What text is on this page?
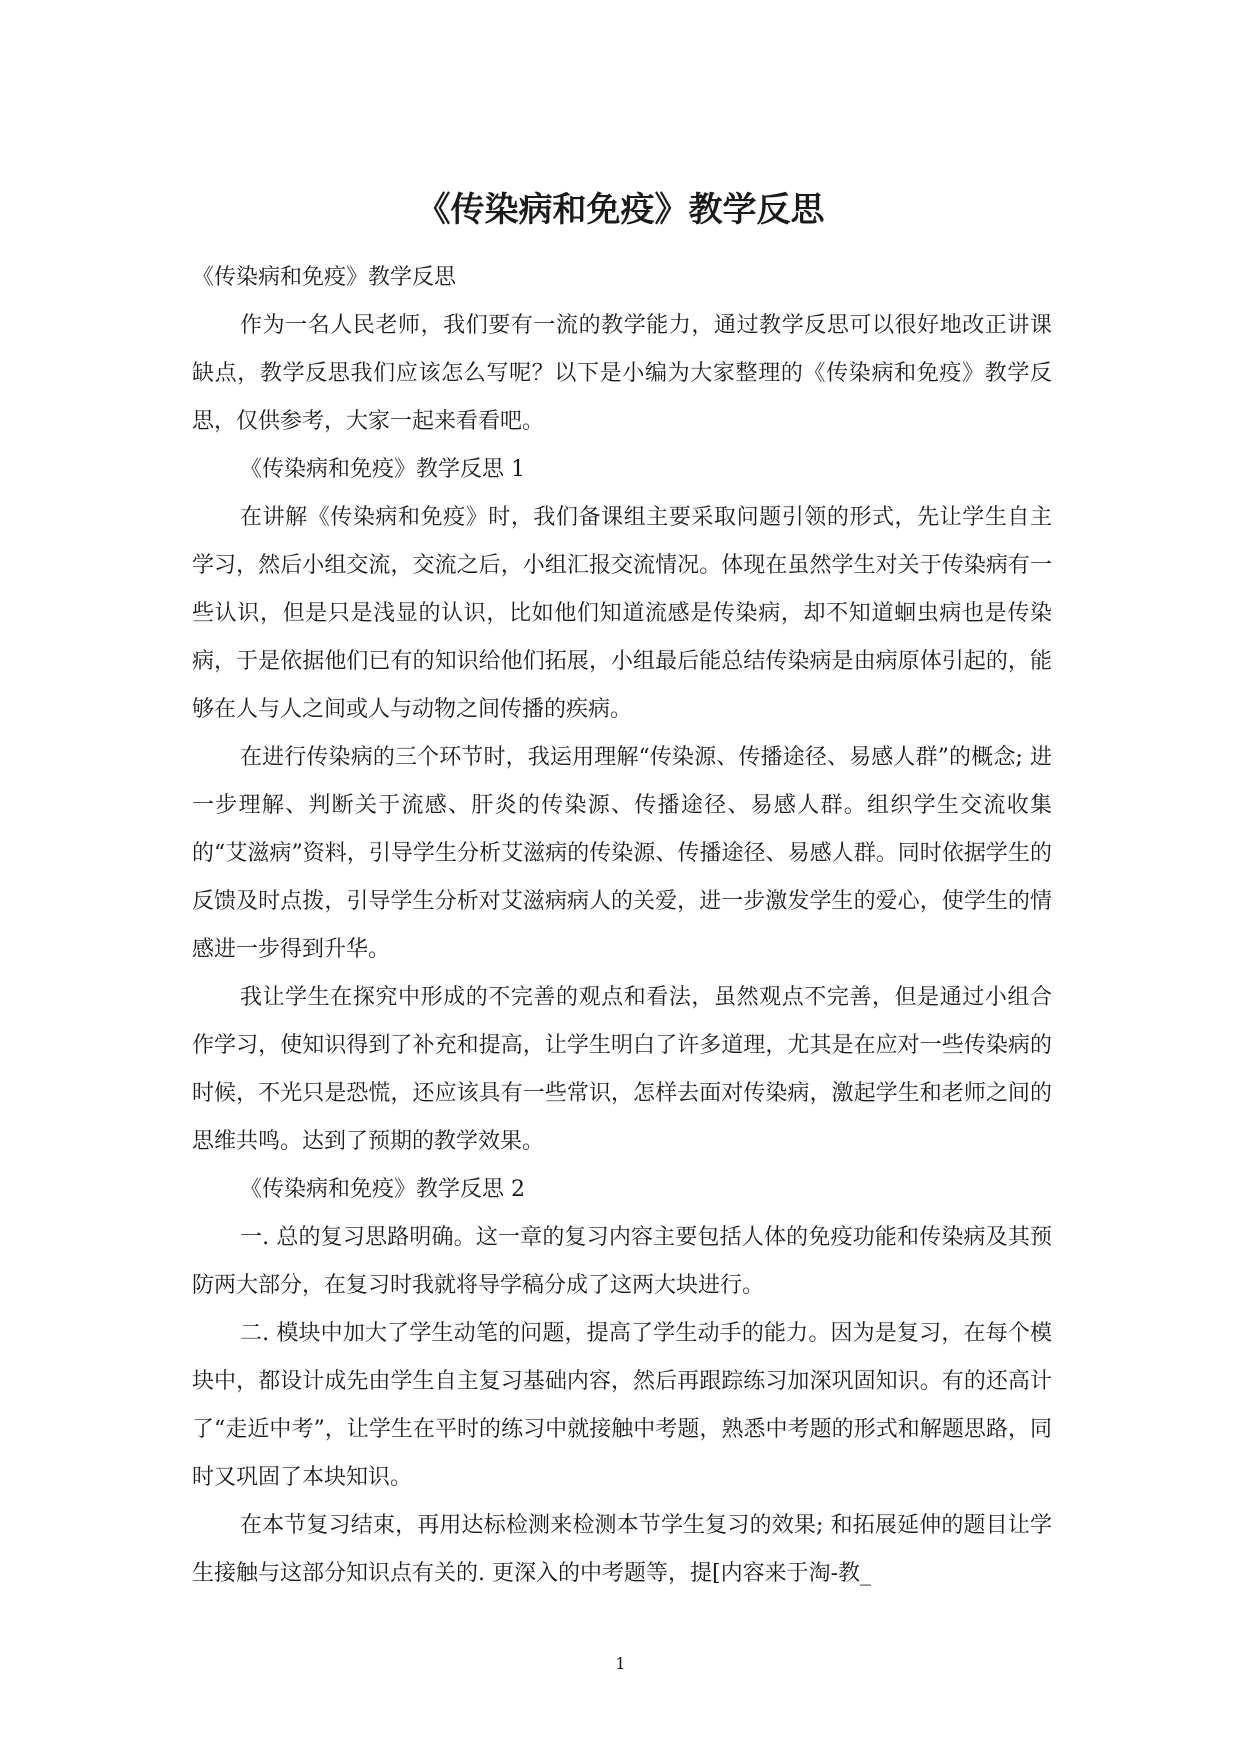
《传染病和免疫》教学反思

《传染病和免疫》教学反思

作为一名人民老师，我们要有一流的教学能力，通过教学反思可以很好地改正讲课缺点，教学反思我们应该怎么写呢？以下是小编为大家整理的《传染病和免疫》教学反思，仅供参考，大家一起来看看吧。

《传染病和免疫》教学反思 1

在讲解《传染病和免疫》时，我们备课组主要采取问题引领的形式，先让学生自主学习，然后小组交流，交流之后，小组汇报交流情况。体现在虽然学生对关于传染病有一些认识，但是只是浅显的认识，比如他们知道流感是传染病，却不知道蛔虫病也是传染病，于是依据他们已有的知识给他们拓展，小组最后能总结传染病是由病原体引起的，能够在人与人之间或人与动物之间传播的疾病。

在进行传染病的三个环节时，我运用理解“传染源、传播途径、易感人群”的概念; 进一步理解、判断关于流感、肝炎的传染源、传播途径、易感人群。组织学生交流收集的“艾滋病”资料，引导学生分析艾滋病的传染源、传播途径、易感人群。同时依据学生的反馈及时点拨，引导学生分析对艾滋病病人的关爱，进一步激发学生的爱心，使学生的情感进一步得到升华。

我让学生在探究中形成的不完善的观点和看法，虽然观点不完善，但是通过小组合作学习，使知识得到了补充和提高，让学生明白了许多道理，尤其是在应对一些传染病的时候，不光只是恐慌，还应该具有一些常识，怎样去面对传染病，激起学生和老师之间的思维共鸣。达到了预期的教学效果。

《传染病和免疫》教学反思 2

一. 总的复习思路明确。这一章的复习内容主要包括人体的免疫功能和传染病及其预防两大部分，在复习时我就将导学稿分成了这两大块进行。

二. 模块中加大了学生动笔的问题，提高了学生动手的能力。因为是复习，在每个模块中，都设计成先由学生自主复习基础内容，然后再跟踪练习加深巩固知识。有的还高计了“走近中考”，让学生在平时的练习中就接触中考题，熟悉中考题的形式和解题思路，同时又巩固了本块知识。

在本节复习结束，再用达标检测来检测本节学生复习的效果; 和拓展延伸的题目让学生接触与这部分知识点有关的. 更深入的中考题等，提[内容来于淘-教_

1
